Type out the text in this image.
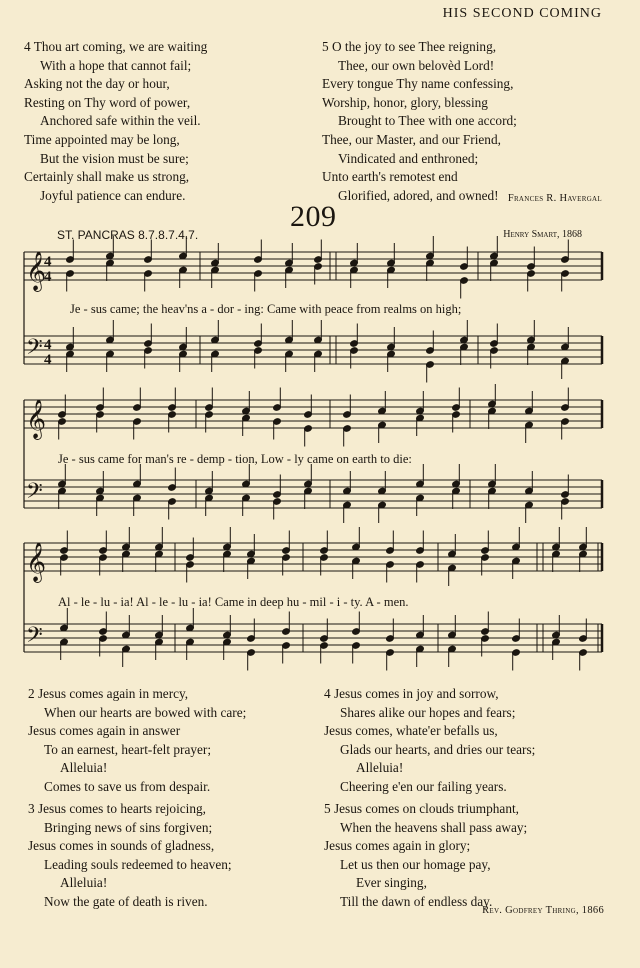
HIS SECOND COMING
4 Thou art coming, we are waiting
With a hope that cannot fail;
Asking not the day or hour,
Resting on Thy word of power,
Anchored safe within the veil.
Time appointed may be long,
But the vision must be sure;
Certainly shall make us strong,
Joyful patience can endure.
5 O the joy to see Thee reigning,
Thee, our own belovèd Lord!
Every tongue Thy name confessing,
Worship, honor, glory, blessing
Brought to Thee with one accord;
Thee, our Master, and our Friend,
Vindicated and enthroned;
Unto earth's remotest end
Glorified, adored, and owned! Frances R. Havergal
209
ST. PANCRAS 8.7.8.7.4.7.	Henry Smart, 1868
𝄞
𝄢
𝄞
𝄢
𝄞
𝄢
4
4
4
4
Je - sus came; the heav'ns a - dor - ing: Came with peace from realms on high;
Je - sus came for man's re - demp - tion, Low - ly came on earth to die:
Al - le - lu - ia! Al - le - lu - ia! Came in deep hu - mil - i - ty. A - men.
2 Jesus comes again in mercy,
When our hearts are bowed with care;
Jesus comes again in answer
To an earnest, heart-felt prayer;
Alleluia!
Comes to save us from despair.
3 Jesus comes to hearts rejoicing,
Bringing news of sins forgiven;
Jesus comes in sounds of gladness,
Leading souls redeemed to heaven;
Alleluia!
Now the gate of death is riven.
4 Jesus comes in joy and sorrow,
Shares alike our hopes and fears;
Jesus comes, whate'er befalls us,
Glads our hearts, and dries our tears;
Alleluia!
Cheering e'en our failing years.
5 Jesus comes on clouds triumphant,
When the heavens shall pass away;
Jesus comes again in glory;
Let us then our homage pay,
Ever singing,
Till the dawn of endless day.
Rev. Godfrey Thring, 1866
